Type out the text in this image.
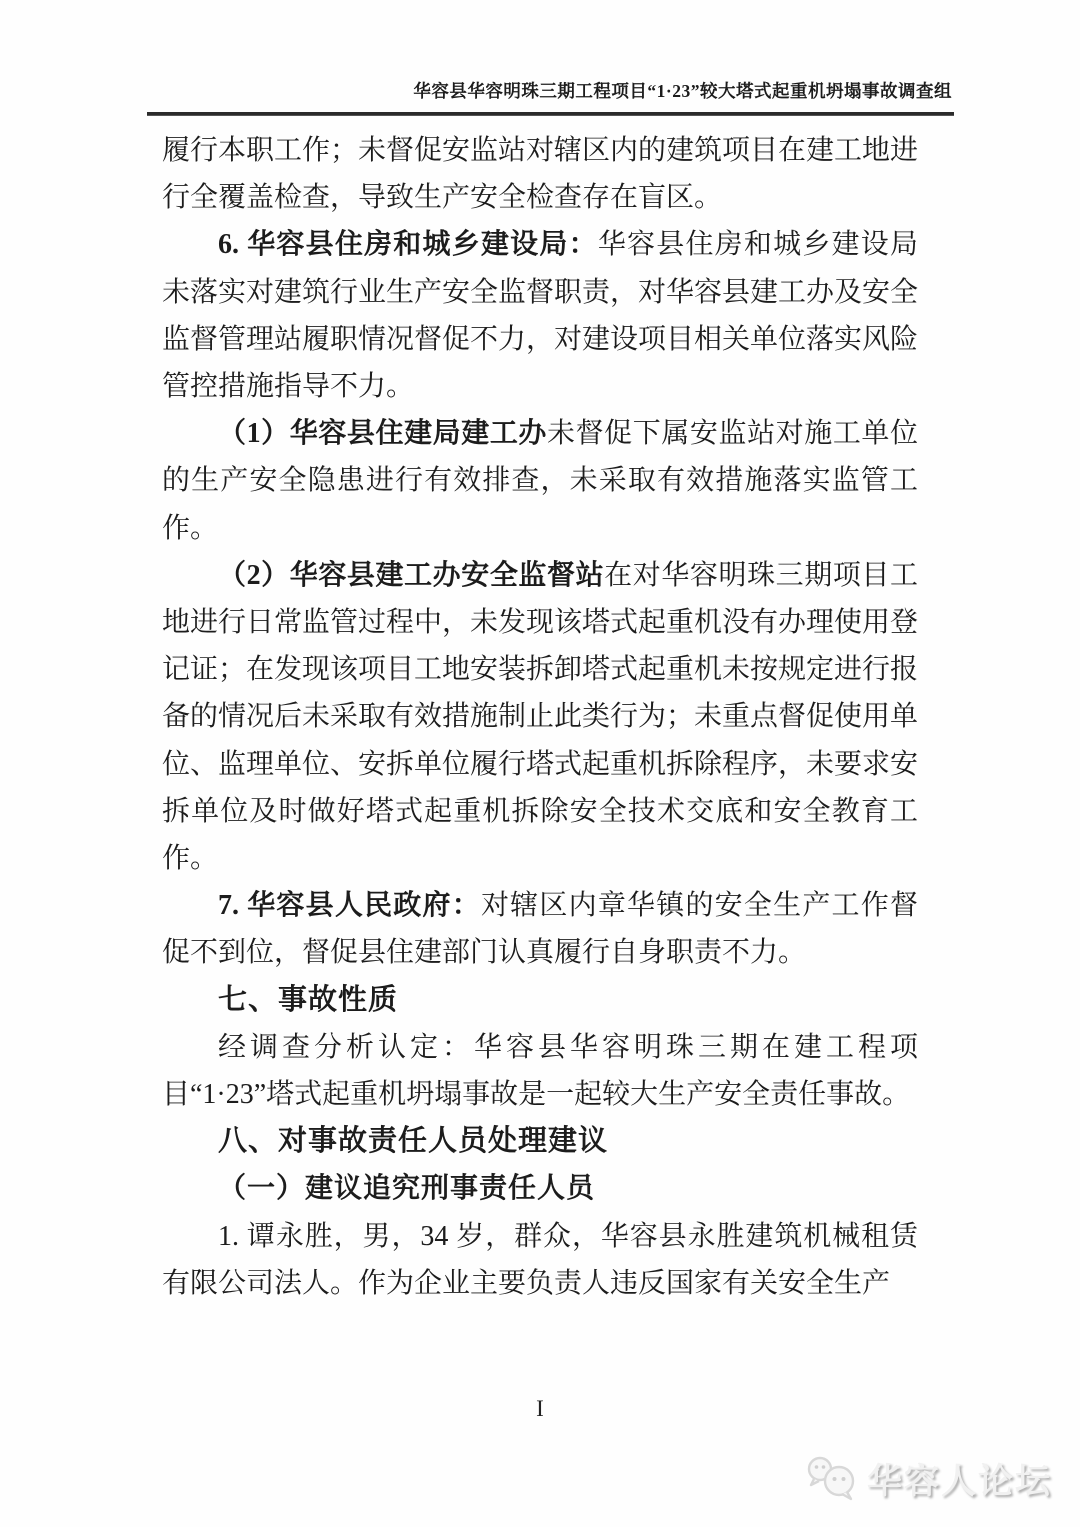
华容县华容明珠三期工程项目“1·23”较大塔式起重机坍塌事故调查组

履行本职工作；未督促安监站对辖区内的建筑项目在建工地进行全覆盖检查，导致生产安全检查存在盲区。

6. 华容县住房和城乡建设局：华容县住房和城乡建设局未落实对建筑行业生产安全监督职责，对华容县建工办及安全监督管理站履职情况督促不力，对建设项目相关单位落实风险管控措施指导不力。

（1）华容县住建局建工办未督促下属安监站对施工单位的生产安全隐患进行有效排查，未采取有效措施落实监管工作。

（2）华容县建工办安全监督站在对华容明珠三期项目工地进行日常监管过程中，未发现该塔式起重机没有办理使用登记证；在发现该项目工地安装拆卸塔式起重机未按规定进行报备的情况后未采取有效措施制止此类行为；未重点督促使用单位、监理单位、安拆单位履行塔式起重机拆除程序，未要求安拆单位及时做好塔式起重机拆除安全技术交底和安全教育工作。

7. 华容县人民政府：对辖区内章华镇的安全生产工作督促不到位，督促县住建部门认真履行自身职责不力。

七、事故性质

经调查分析认定：华容县华容明珠三期在建工程项目“1·23”塔式起重机坍塌事故是一起较大生产安全责任事故。

八、对事故责任人员处理建议

（一）建议追究刑事责任人员

1. 谭永胜，男，34 岁，群众，华容县永胜建筑机械租赁有限公司法人。作为企业主要负责人违反国家有关安全生产

I
华容人论坛
